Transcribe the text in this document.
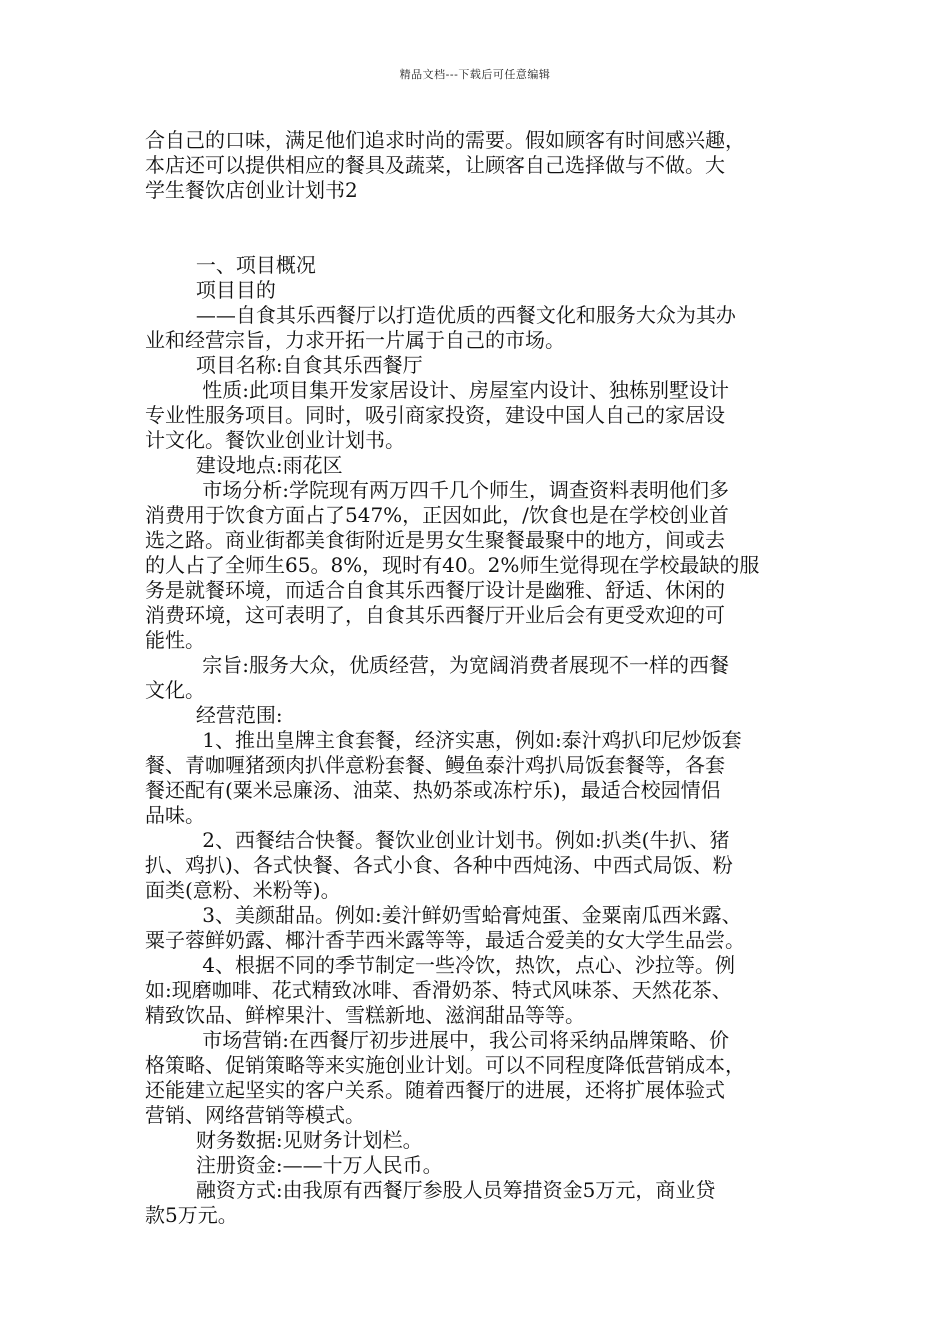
精品文档---下载后可任意编辑
合自己的口味，满足他们追求时尚的需要。假如顾客有时间感兴趣，
本店还可以提供相应的餐具及蔬菜，让顾客自己选择做与不做。大
学生餐饮店创业计划书2
一、项目概况
项目目的
——自食其乐西餐厅以打造优质的西餐文化和服务大众为其办
业和经营宗旨，力求开拓一片属于自己的市场。
项目名称:自食其乐西餐厅
性质:此项目集开发家居设计、房屋室内设计、独栋别墅设计
专业性服务项目。同时，吸引商家投资，建设中国人自己的家居设
计文化。餐饮业创业计划书。
建设地点:雨花区
市场分析:学院现有两万四千几个师生，调查资料表明他们多
消费用于饮食方面占了547%，正因如此，/饮食也是在学校创业首
选之路。商业街都美食街附近是男女生聚餐最聚中的地方，间或去
的人占了全师生65。8%，现时有40。2%师生觉得现在学校最缺的服
务是就餐环境，而适合自食其乐西餐厅设计是幽雅、舒适、休闲的
消费环境，这可表明了，自食其乐西餐厅开业后会有更受欢迎的可
能性。
宗旨:服务大众，优质经营，为宽阔消费者展现不一样的西餐
文化。
经营范围:
1、推出皇牌主食套餐，经济实惠，例如:泰汁鸡扒印尼炒饭套
餐、青咖喱猪颈肉扒伴意粉套餐、鳗鱼泰汁鸡扒局饭套餐等，各套
餐还配有(粟米忌廉汤、油菜、热奶茶或冻柠乐)，最适合校园情侣
品味。
2、西餐结合快餐。餐饮业创业计划书。例如:扒类(牛扒、猪
扒、鸡扒)、各式快餐、各式小食、各种中西炖汤、中西式局饭、粉
面类(意粉、米粉等)。
3、美颜甜品。例如:姜汁鲜奶雪蛤膏炖蛋、金粟南瓜西米露、
粟子蓉鲜奶露、椰汁香芋西米露等等，最适合爱美的女大学生品尝。
4、根据不同的季节制定一些冷饮，热饮，点心、沙拉等。例
如:现磨咖啡、花式精致冰啡、香滑奶茶、特式风味茶、天然花茶、
精致饮品、鲜榨果汁、雪糕新地、滋润甜品等等。
市场营销:在西餐厅初步进展中，我公司将采纳品牌策略、价
格策略、促销策略等来实施创业计划。可以不同程度降低营销成本，
还能建立起坚实的客户关系。随着西餐厅的进展，还将扩展体验式
营销、网络营销等模式。
财务数据:见财务计划栏。
注册资金:——十万人民币。
融资方式:由我原有西餐厅参股人员筹措资金5万元，商业贷
款5万元。
